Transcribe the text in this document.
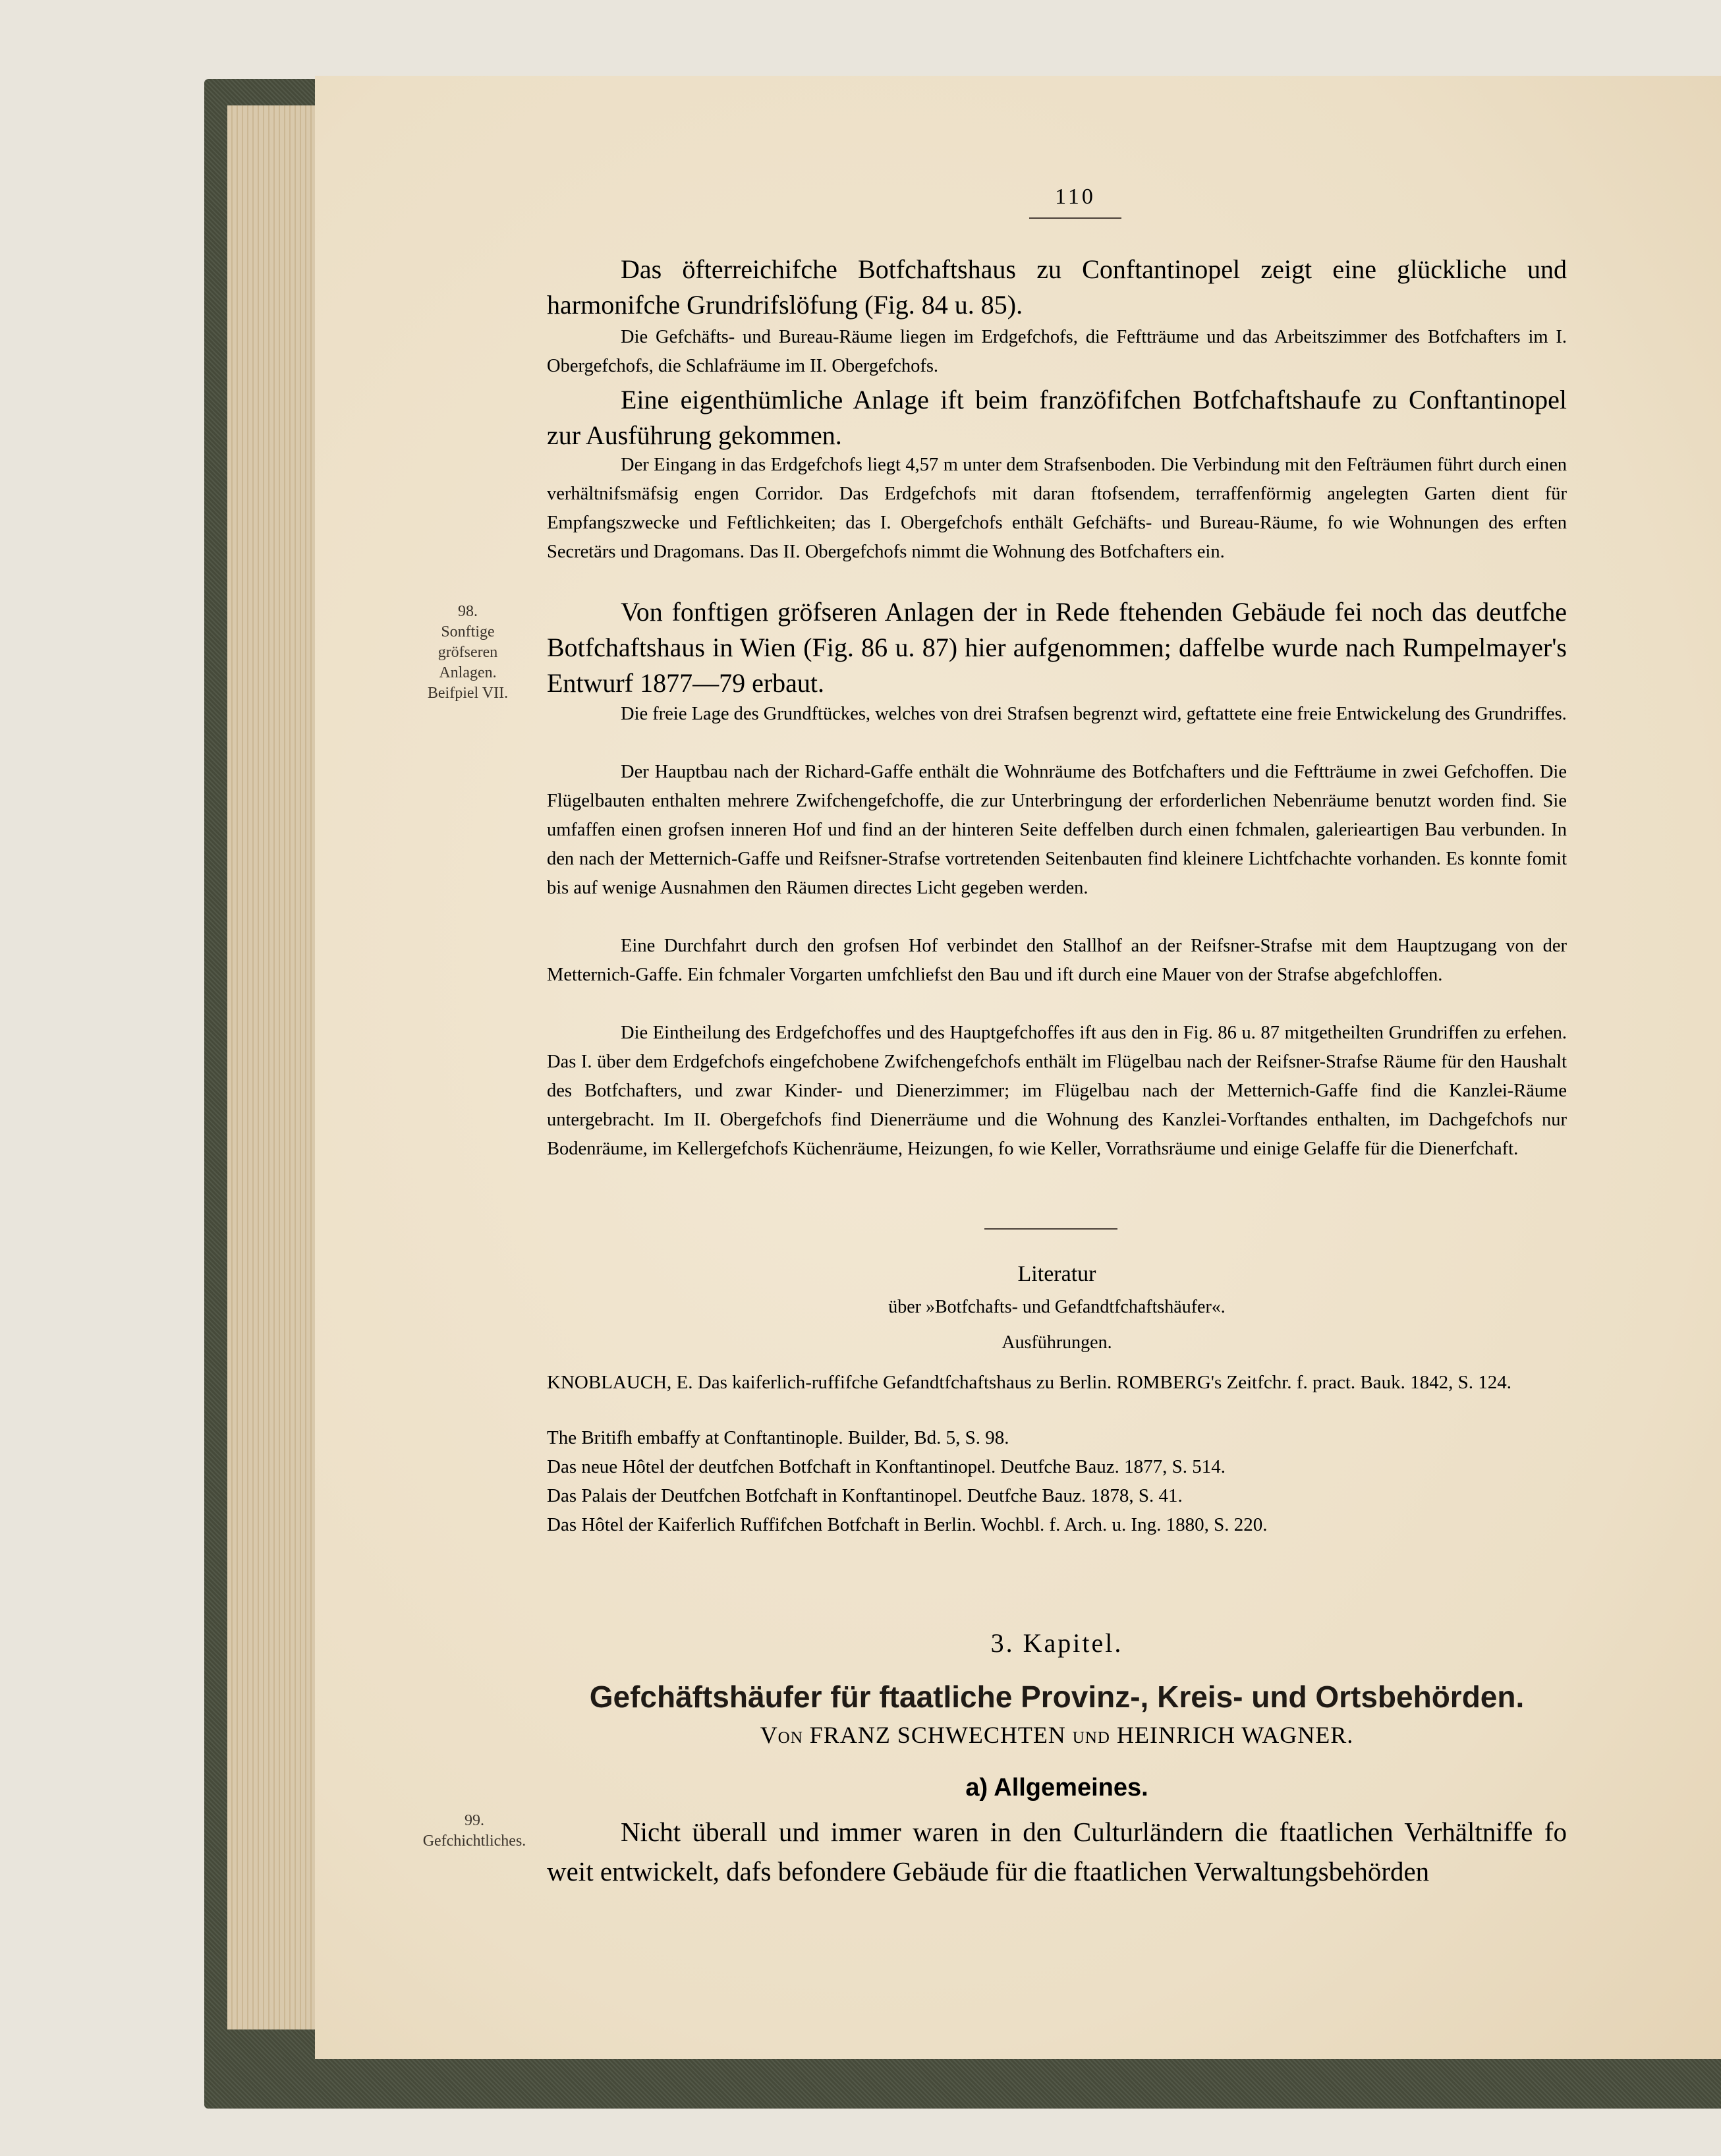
110
98.
Sonftige
gröfseren
Anlagen.
Beifpiel VII.
99.
Gefchichtliches.

Das öfterreichifche Botfchaftshaus zu Conftantinopel zeigt eine glückliche und harmonifche Grundrifslöfung (Fig. 84 u. 85).

Die Gefchäfts- und Bureau-Räume liegen im Erdgefchofs, die Feftträume und das Arbeitszimmer des Botfchafters im I. Obergefchofs, die Schlafräume im II. Obergefchofs.

Eine eigenthümliche Anlage ift beim franzöfifchen Botfchaftshaufe zu Conftantinopel zur Ausführung gekommen.

Der Eingang in das Erdgefchofs liegt 4,57 m unter dem Strafsenboden. Die Verbindung mit den Feſträumen führt durch einen verhältnifsmäfsig engen Corridor. Das Erdgefchofs mit daran ftofsendem, terraffenförmig angelegten Garten dient für Empfangszwecke und Feftlichkeiten; das I. Obergefchofs enthält Gefchäfts- und Bureau-Räume, fo wie Wohnungen des erften Secretärs und Dragomans. Das II. Obergefchofs nimmt die Wohnung des Botfchafters ein.

Von fonftigen gröfseren Anlagen der in Rede ftehenden Gebäude fei noch das deutfche Botfchaftshaus in Wien (Fig. 86 u. 87) hier aufgenommen; daffelbe wurde nach Rumpelmayer's Entwurf 1877—79 erbaut.

Die freie Lage des Grundftückes, welches von drei Strafsen begrenzt wird, geftattete eine freie Entwickelung des Grundriffes.

Der Hauptbau nach der Richard-Gaffe enthält die Wohnräume des Botfchafters und die Feftträume in zwei Gefchoffen. Die Flügelbauten enthalten mehrere Zwifchengefchoffe, die zur Unterbringung der erforderlichen Nebenräume benutzt worden find. Sie umfaffen einen grofsen inneren Hof und find an der hinteren Seite deffelben durch einen fchmalen, galerieartigen Bau verbunden. In den nach der Metternich-Gaffe und Reifsner-Strafse vortretenden Seitenbauten find kleinere Lichtfchachte vorhanden. Es konnte fomit bis auf wenige Ausnahmen den Räumen directes Licht gegeben werden.

Eine Durchfahrt durch den grofsen Hof verbindet den Stallhof an der Reifsner-Strafse mit dem Hauptzugang von der Metternich-Gaffe. Ein fchmaler Vorgarten umfchliefst den Bau und ift durch eine Mauer von der Strafse abgefchloffen.

Die Eintheilung des Erdgefchoffes und des Hauptgefchoffes ift aus den in Fig. 86 u. 87 mitgetheilten Grundriffen zu erfehen. Das I. über dem Erdgefchofs eingefchobene Zwifchengefchofs enthält im Flügelbau nach der Reifsner-Strafse Räume für den Haushalt des Botfchafters, und zwar Kinder- und Dienerzimmer; im Flügelbau nach der Metternich-Gaffe find die Kanzlei-Räume untergebracht. Im II. Obergefchofs find Dienerräume und die Wohnung des Kanzlei-Vorftandes enthalten, im Dachgefchofs nur Bodenräume, im Kellergefchofs Küchenräume, Heizungen, fo wie Keller, Vorrathsräume und einige Gelaffe für die Dienerfchaft.

Literatur
über »Botfchafts- und Gefandtfchaftshäufer«.
Ausführungen.
KNOBLAUCH, E. Das kaiferlich-ruffifche Gefandtfchaftshaus zu Berlin. ROMBERG's Zeitfchr. f. pract. Bauk. 1842, S. 124.
The Britifh embaffy at Conftantinople. Builder, Bd. 5, S. 98.
Das neue Hôtel der deutfchen Botfchaft in Konftantinopel. Deutfche Bauz. 1877, S. 514.
Das Palais der Deutfchen Botfchaft in Konftantinopel. Deutfche Bauz. 1878, S. 41.
Das Hôtel der Kaiferlich Ruffifchen Botfchaft in Berlin. Wochbl. f. Arch. u. Ing. 1880, S. 220.
3. Kapitel.
Gefchäftshäufer für ftaatliche Provinz-, Kreis- und Ortsbehörden.
Von FRANZ SCHWECHTEN und HEINRICH WAGNER.
a) Allgemeines.

Nicht überall und immer waren in den Culturländern die ftaatlichen Verhältniffe fo weit entwickelt, dafs befondere Gebäude für die ftaatlichen Verwaltungsbehörden
